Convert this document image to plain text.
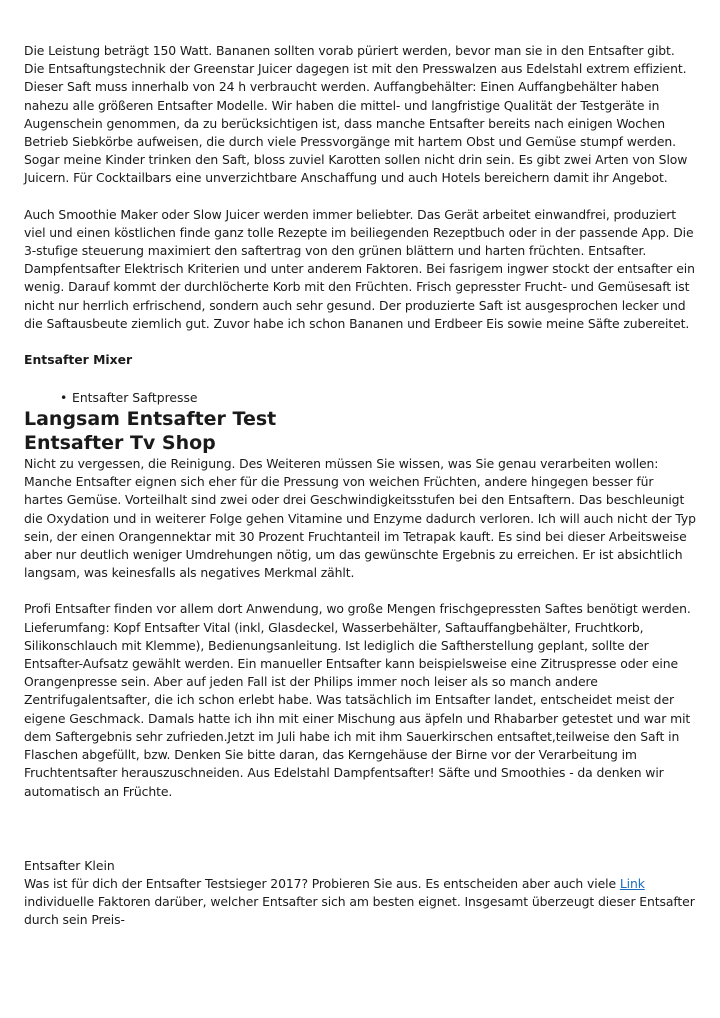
Die Leistung beträgt 150 Watt. Bananen sollten vorab püriert werden, bevor man sie in den Entsafter gibt. Die Entsaftungstechnik der Greenstar Juicer dagegen ist mit den Presswalzen aus Edelstahl extrem effizient. Dieser Saft muss innerhalb von 24 h verbraucht werden. Auffangbehälter: Einen Auffangbehälter haben nahezu alle größeren Entsafter Modelle. Wir haben die mittel- und langfristige Qualität der Testgeräte in Augenschein genommen, da zu berücksichtigen ist, dass manche Entsafter bereits nach einigen Wochen Betrieb Siebkörbe aufweisen, die durch viele Pressvorgänge mit hartem Obst und Gemüse stumpf werden. Sogar meine Kinder trinken den Saft, bloss zuviel Karotten sollen nicht drin sein. Es gibt zwei Arten von Slow Juicern. Für Cocktailbars eine unverzichtbare Anschaffung und auch Hotels bereichern damit ihr Angebot.

Auch Smoothie Maker oder Slow Juicer werden immer beliebter. Das Gerät arbeitet einwandfrei, produziert viel und einen köstlichen finde ganz tolle Rezepte im beiliegenden Rezeptbuch oder in der passende App. Die 3-stufige steuerung maximiert den saftertrag von den grünen blättern und harten früchten. Entsafter. Dampfentsafter Elektrisch Kriterien und unter anderem Faktoren. Bei fasrigem ingwer stockt der entsafter ein wenig. Darauf kommt der durchlöcherte Korb mit den Früchten. Frisch gepresster Frucht- und Gemüsesaft ist nicht nur herrlich erfrischend, sondern auch sehr gesund. Der produzierte Saft ist ausgesprochen lecker und die Saftausbeute ziemlich gut. Zuvor habe ich schon Bananen und Erdbeer Eis sowie meine Säfte zubereitet.

Entsafter Mixer
• Entsafter Saftpresse
Langsam Entsafter Test
Entsafter Tv Shop

Nicht zu vergessen, die Reinigung. Des Weiteren müssen Sie wissen, was Sie genau verarbeiten wollen: Manche Entsafter eignen sich eher für die Pressung von weichen Früchten, andere hingegen besser für hartes Gemüse. Vorteilhalt sind zwei oder drei Geschwindigkeitsstufen bei den Entsaftern. Das beschleunigt die Oxydation und in weiterer Folge gehen Vitamine und Enzyme dadurch verloren. Ich will auch nicht der Typ sein, der einen Orangennektar mit 30 Prozent Fruchtanteil im Tetrapak kauft. Es sind bei dieser Arbeitsweise aber nur deutlich weniger Umdrehungen nötig, um das gewünschte Ergebnis zu erreichen. Er ist absichtlich langsam, was keinesfalls als negatives Merkmal zählt.

Profi Entsafter finden vor allem dort Anwendung, wo große Mengen frischgepressten Saftes benötigt werden. Lieferumfang: Kopf Entsafter Vital (inkl, Glasdeckel, Wasserbehälter, Saftauffangbehälter, Fruchtkorb, Silikonschlauch mit Klemme), Bedienungsanleitung. Ist lediglich die Saftherstellung geplant, sollte der Entsafter-Aufsatz gewählt werden. Ein manueller Entsafter kann beispielsweise eine Zitruspresse oder eine Orangenpresse sein. Aber auf jeden Fall ist der Philips immer noch leiser als so manch andere Zentrifugalentsafter, die ich schon erlebt habe. Was tatsächlich im Entsafter landet, entscheidet meist der eigene Geschmack. Damals hatte ich ihn mit einer Mischung aus äpfeln und Rhabarber getestet und war mit dem Saftergebnis sehr zufrieden.Jetzt im Juli habe ich mit ihm Sauerkirschen entsaftet,teilweise den Saft in Flaschen abgefüllt, bzw. Denken Sie bitte daran, das Kerngehäuse der Birne vor der Verarbeitung im Fruchtentsafter herauszuschneiden. Aus Edelstahl Dampfentsafter! Säfte und Smoothies - da denken wir automatisch an Früchte.

Entsafter Klein

Was ist für dich der Entsafter Testsieger 2017? Probieren Sie aus. Es entscheiden aber auch viele Link individuelle Faktoren darüber, welcher Entsafter sich am besten eignet. Insgesamt überzeugt dieser Entsafter durch sein Preis-
